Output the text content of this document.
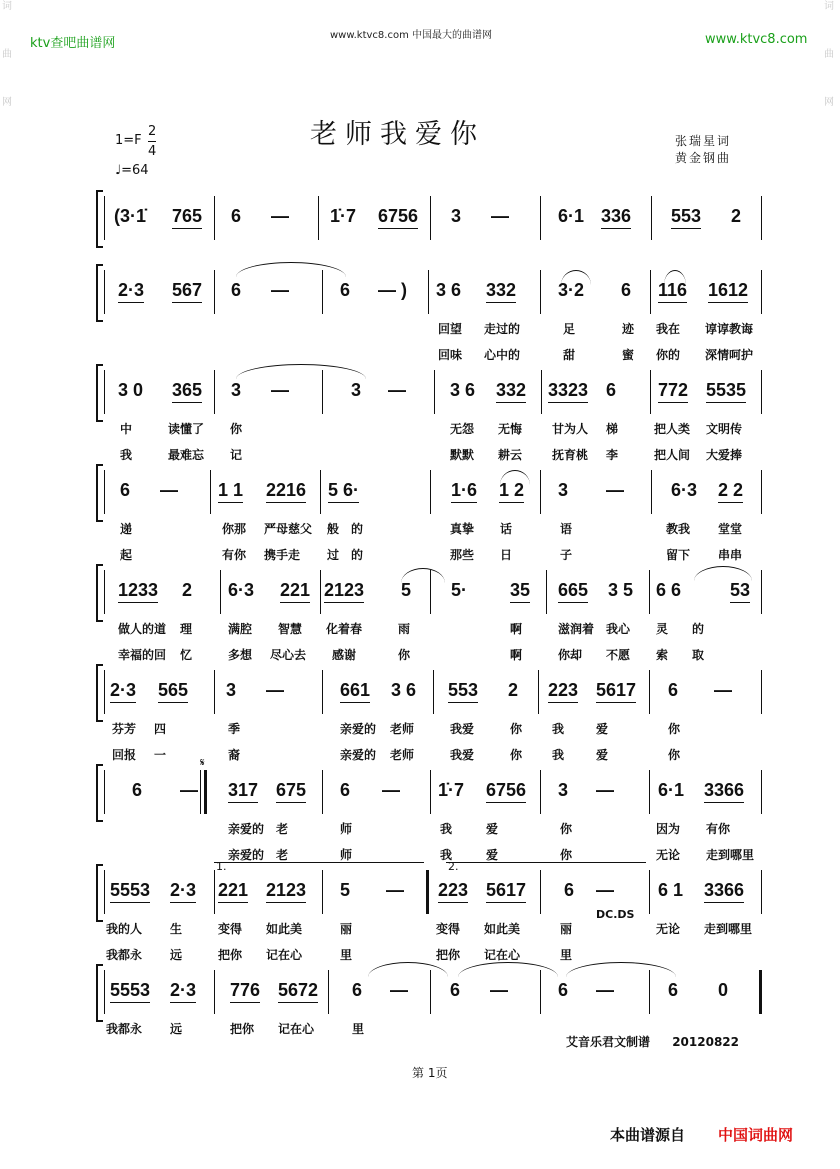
词
曲
网
词
曲
网
ktv查吧曲谱网
www.ktvc8.com 中国最大的曲谱网	www.ktvc8.com
老师我爱你
1=F
2
4
♩=64
张瑞星词
黄金钢曲
(3·1̇ 765 6 — 1̇·7 6756 3 —	6·1 336 553 2
2·3 567 6 —	6 — ) 3 6 332 3·2 6 116 1612
回望 走过的	足	迹 我在 谆谆教诲
回味 心中的	甜	蜜 你的 深情呵护
3 0 365 3 —	3 — 3 6 332 3323 6 772 5535
中	读懂了 你	无怨 无悔 甘为人 梯	把人类 文明传
我	最难忘 记	默默 耕云 抚育桃 李	把人间 大爱捧
6 — 1 1 2216 5 6·	1·6 1 2 3 —	6·3 2 2
递	你那 严母慈父 般 的	真挚 话	语	教我 堂堂
起	有你 携手走 过 的	那些 日	子	留下 串串
1233 2 6·3 221 2123 5 5· 35 665 3 5 6 6	53
做人的道 理	满腔 智慧 化着春	雨	啊	滋润着 我心 灵 的
幸福的回 忆	多想 尽心去 感谢	你	啊	你却 不愿 索 取
2·3 565 3 —	661 3 6 553 2 223 5617 6 —
芬芳 四	季	亲爱的 老师	我爱	你 我	爱	你
回报 一	裔	亲爱的 老师	我爱	你 我	爱	你
6 —
𝄋
317 675 6 — 1̇·7 6756 3 — 6·1 3366
亲爱的 老	师	我	爱	你	因为 有你
亲爱的 老	师	我	爱	你	无论 走到哪里
5553 2·3
1.
221 2123 5 —
2.
223 5617 6 —
DC.DS
6 1 3366
我的人 生	变得 如此美	丽	变得 如此美	丽	无论 走到哪里
我都永 远	把你 记在心	里	把你 记在心	里
5553 2·3 776 5672 6 — 6 —	6 —	6 0
我都永 远	把你 记在心	里
艾音乐君文制谱 20120822
第 1页
本曲谱源自 中国词曲网
